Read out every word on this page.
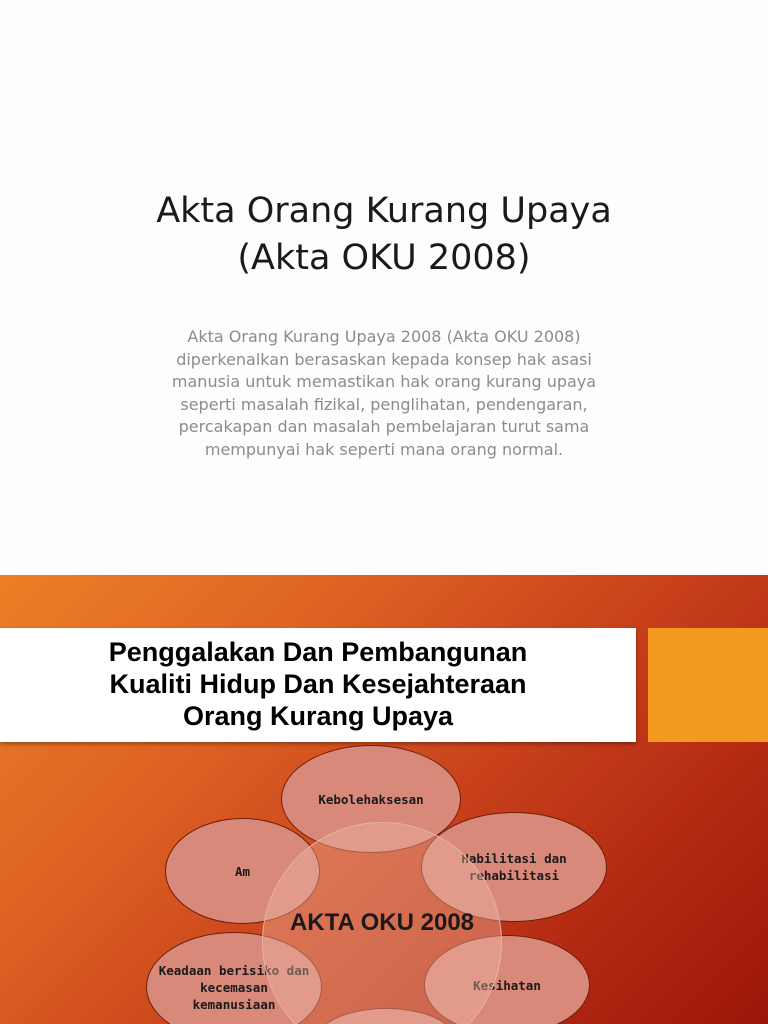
Akta Orang Kurang Upaya
(Akta OKU 2008)
Akta Orang Kurang Upaya 2008 (Akta OKU 2008)
diperkenalkan berasaskan kepada konsep hak asasi
manusia untuk memastikan hak orang kurang upaya
seperti masalah fizikal, penglihatan, pendengaran,
percakapan dan masalah pembelajaran turut sama
mempunyai hak seperti mana orang normal.
Penggalakan Dan Pembangunan
Kualiti Hidup Dan Kesejahteraan
Orang Kurang Upaya
Kebolehaksesan
Am
Habilitasi dan
rehabilitasi
Keadaan berisiko dan
kecemasan
kemanusiaan
Kesihatan
AKTA OKU 2008
